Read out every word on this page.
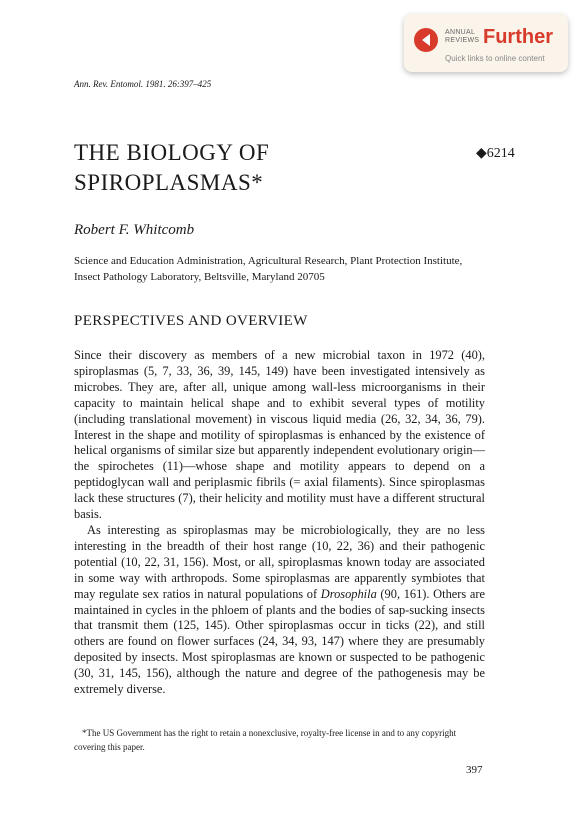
ANNUAL
REVIEWS Further
Quick links to online content
Ann. Rev. Entomol. 1981. 26:397–425
THE BIOLOGY OF
SPIROPLASMAS*
◆6214
Robert F. Whitcomb
Science and Education Administration, Agricultural Research, Plant Protection Institute, Insect Pathology Laboratory, Beltsville, Maryland 20705
PERSPECTIVES AND OVERVIEW

Since their discovery as members of a new microbial taxon in 1972 (40), spiroplasmas (5, 7, 33, 36, 39, 145, 149) have been investigated intensively as microbes. They are, after all, unique among wall-less microorganisms in their capacity to maintain helical shape and to exhibit several types of motility (including translational movement) in viscous liquid media (26, 32, 34, 36, 79). Interest in the shape and motility of spiroplasmas is enhanced by the existence of helical organisms of similar size but apparently independent evolutionary origin—the spirochetes (11)—whose shape and motility appears to depend on a peptidoglycan wall and periplasmic fibrils (= axial filaments). Since spiroplasmas lack these structures (7), their helicity and motility must have a different structural basis.

As interesting as spiroplasmas may be microbiologically, they are no less interesting in the breadth of their host range (10, 22, 36) and their pathogenic potential (10, 22, 31, 156). Most, or all, spiroplasmas known today are associated in some way with arthropods. Some spiroplasmas are apparently symbiotes that may regulate sex ratios in natural populations of Drosophila (90, 161). Others are maintained in cycles in the phloem of plants and the bodies of sap-sucking insects that transmit them (125, 145). Other spiroplasmas occur in ticks (22), and still others are found on flower surfaces (24, 34, 93, 147) where they are presumably deposited by insects. Most spiroplasmas are known or suspected to be pathogenic (30, 31, 145, 156), although the nature and degree of the pathogenesis may be extremely diverse.

*The US Government has the right to retain a nonexclusive, royalty-free license in and to any copyright covering this paper.
397
